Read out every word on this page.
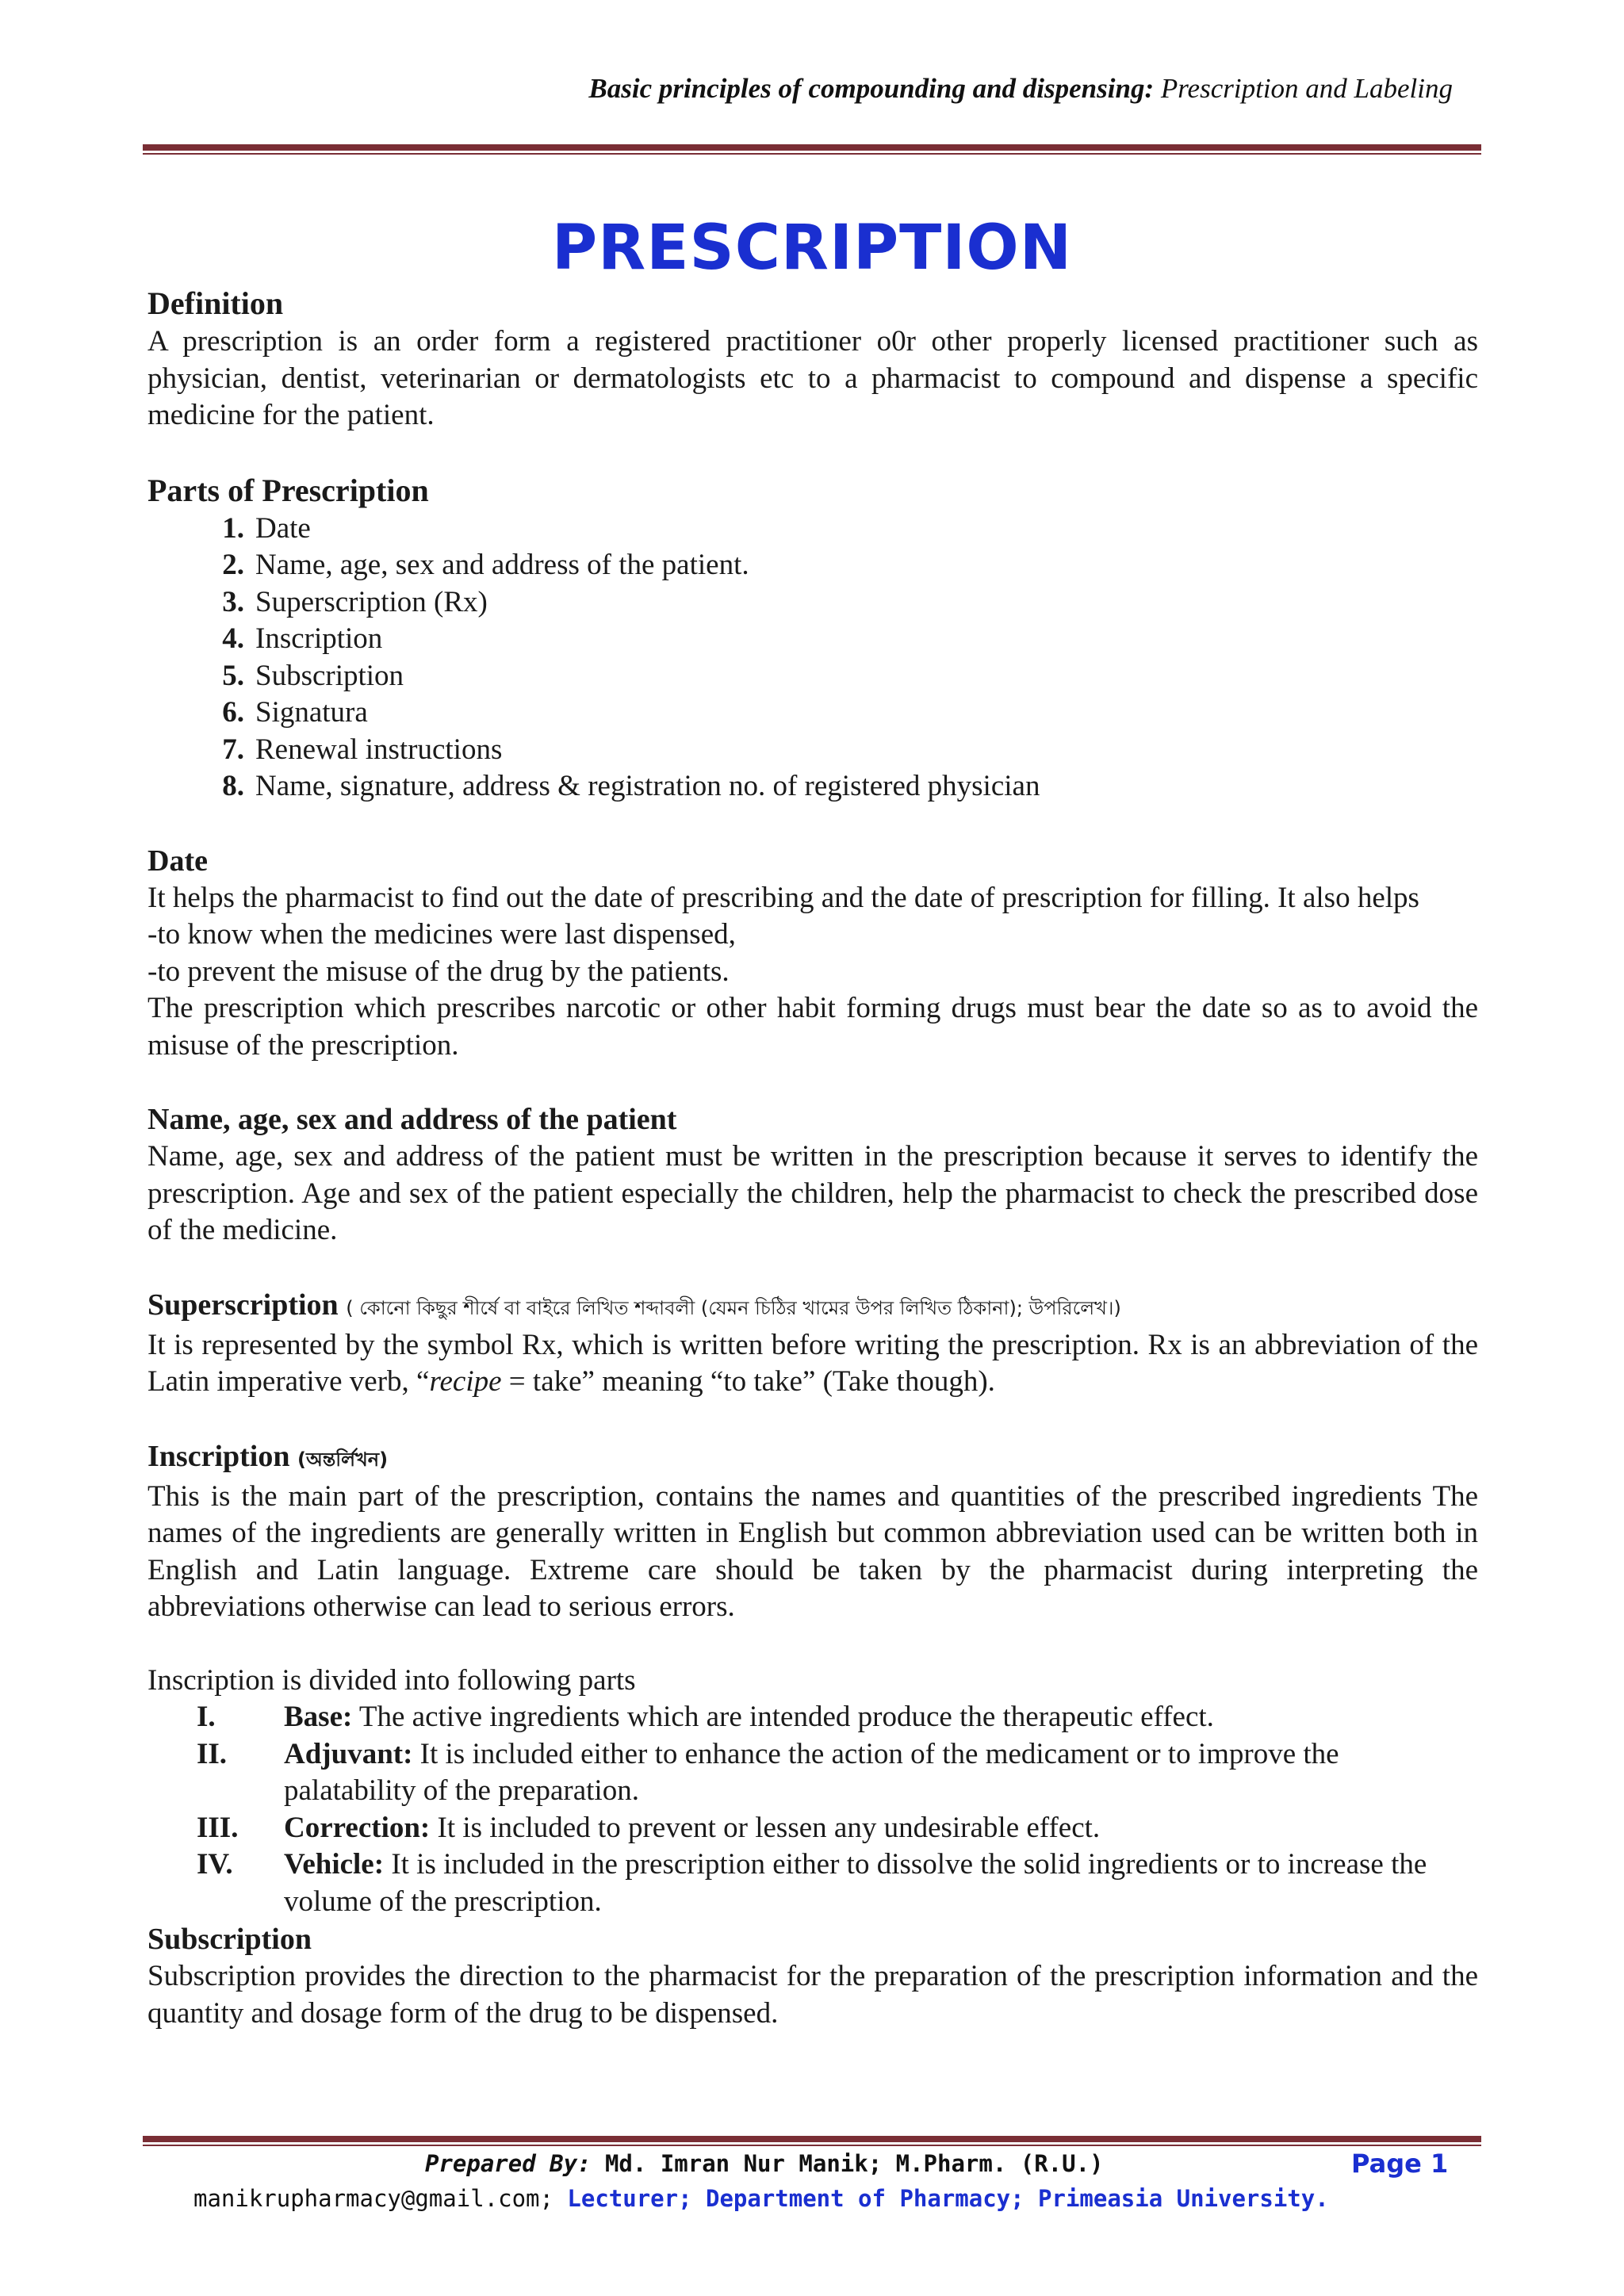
Basic principles of compounding and dispensing: Prescription and Labeling
PRESCRIPTION
Definition

A prescription is an order form a registered practitioner o0r other properly licensed practitioner such as physician, dentist, veterinarian or dermatologists etc to a pharmacist to compound and dispense a specific medicine for the patient.

Parts of Prescription
1. Date
2. Name, age, sex and address of the patient.
3. Superscription (Rx)
4. Inscription
5. Subscription
6. Signatura
7. Renewal instructions
8. Name, signature, address & registration no. of registered physician
Date

It helps the pharmacist to find out the date of prescribing and the date of prescription for filling. It also helps

-to know when the medicines were last dispensed,

-to prevent the misuse of the drug by the patients.

The prescription which prescribes narcotic or other habit forming drugs must bear the date so as to avoid the misuse of the prescription.

Name, age, sex and address of the patient

Name, age, sex and address of the patient must be written in the prescription because it serves to identify the prescription. Age and sex of the patient especially the children, help the pharmacist to check the prescribed dose of the medicine.

Superscription ( কোনো কিছুর শীর্ষে বা বাইরে লিখিত শব্দাবলী (যেমন চিঠির খামের উপর লিখিত ঠিকানা); উপরিলেখ।)

It is represented by the symbol Rx, which is written before writing the prescription. Rx is an abbreviation of the Latin imperative verb, “recipe = take” meaning “to take” (Take though).

Inscription (অন্তর্লিখন)

This is the main part of the prescription, contains the names and quantities of the prescribed ingredients The names of the ingredients are generally written in English but common abbreviation used can be written both in English and Latin language. Extreme care should be taken by the pharmacist during interpreting the abbreviations otherwise can lead to serious errors.

Inscription is divided into following parts

I.	Base: The active ingredients which are intended produce the therapeutic effect.
II.	Adjuvant: It is included either to enhance the action of the medicament or to improve the palatability of the preparation.
III.	Correction: It is included to prevent or lessen any undesirable effect.
IV.	Vehicle: It is included in the prescription either to dissolve the solid ingredients or to increase the volume of the prescription.
Subscription

Subscription provides the direction to the pharmacist for the preparation of the prescription information and the quantity and dosage form of the drug to be dispensed.

Prepared By: Md. Imran Nur Manik; M.Pharm. (R.U.)	Page 1
manikrupharmacy@gmail.com; Lecturer; Department of Pharmacy; Primeasia University.
